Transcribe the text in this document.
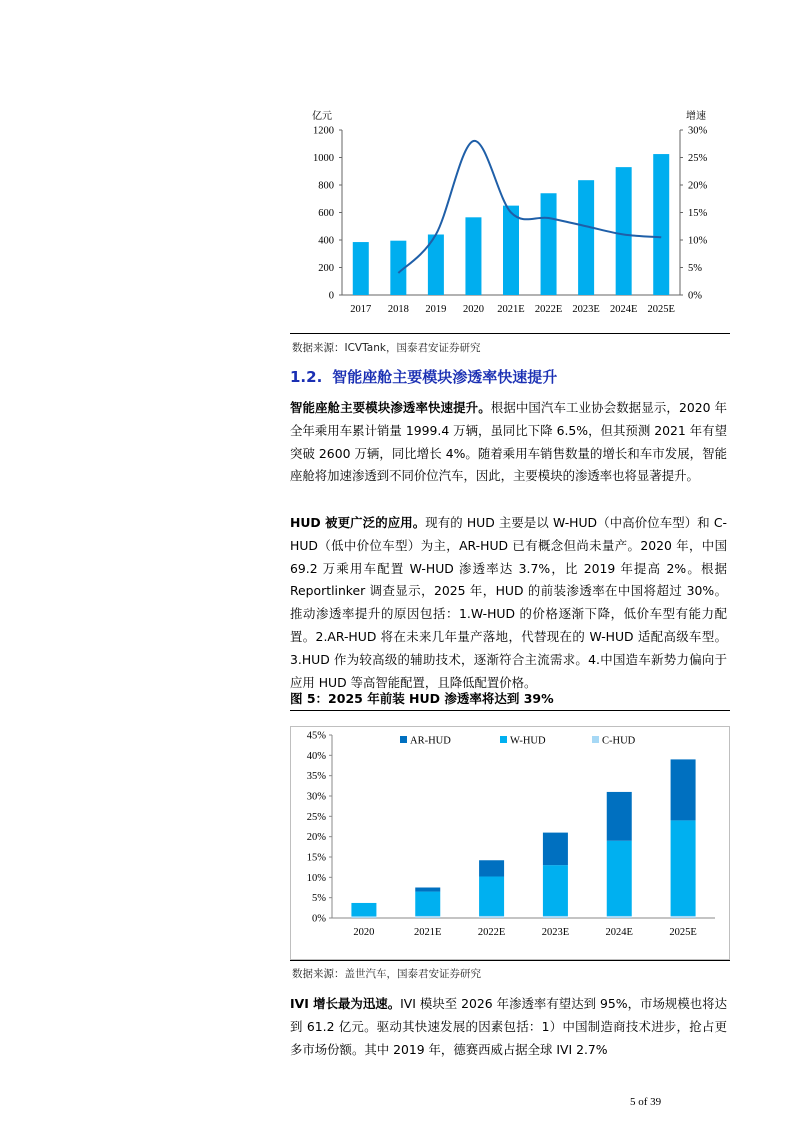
亿元	增速
0
200
400
600
800
1000
1200
0%
5%
10%
15%
20%
25%
30%
2017 2018 2019 2020 2021E 2022E 2023E 2024E 2025E
数据来源：ICVTank，国泰君安证券研究
1.2. 智能座舱主要模块渗透率快速提升
智能座舱主要模块渗透率快速提升。根据中国汽车工业协会数据显示，2020 年全年乘用车累计销量 1999.4 万辆，虽同比下降 6.5%，但其预测 2021 年有望突破 2600 万辆，同比增长 4%。随着乘用车销售数量的增长和车市发展，智能座舱将加速渗透到不同价位汽车，因此，主要模块的渗透率也将显著提升。
HUD 被更广泛的应用。现有的 HUD 主要是以 W-HUD（中高价位车型）和 C-HUD（低中价位车型）为主，AR-HUD 已有概念但尚未量产。2020 年，中国 69.2 万乘用车配置 W-HUD 渗透率达 3.7%，比 2019 年提高 2%。根据 Reportlinker 调查显示，2025 年，HUD 的前装渗透率在中国将超过 30%。推动渗透率提升的原因包括：1.W-HUD 的价格逐渐下降，低价车型有能力配置。2.AR-HUD 将在未来几年量产落地，代替现在的 W-HUD 适配高级车型。3.HUD 作为较高级的辅助技术，逐渐符合主流需求。4.中国造车新势力偏向于应用 HUD 等高智能配置，且降低配置价格。
图 5：2025 年前装 HUD 渗透率将达到 39%
AR-HUD	W-HUD	C-HUD
0%
5%
10%
15%
20%
25%
30%
35%
40%
45%
2020	2021E	2022E	2023E	2024E	2025E
数据来源：盖世汽车，国泰君安证券研究
IVI 增长最为迅速。IVI 模块至 2026 年渗透率有望达到 95%，市场规模也将达到 61.2 亿元。驱动其快速发展的因素包括：1）中国制造商技术进步，抢占更多市场份额。其中 2019 年，德赛西威占据全球 IVI 2.7%
5 of 39
